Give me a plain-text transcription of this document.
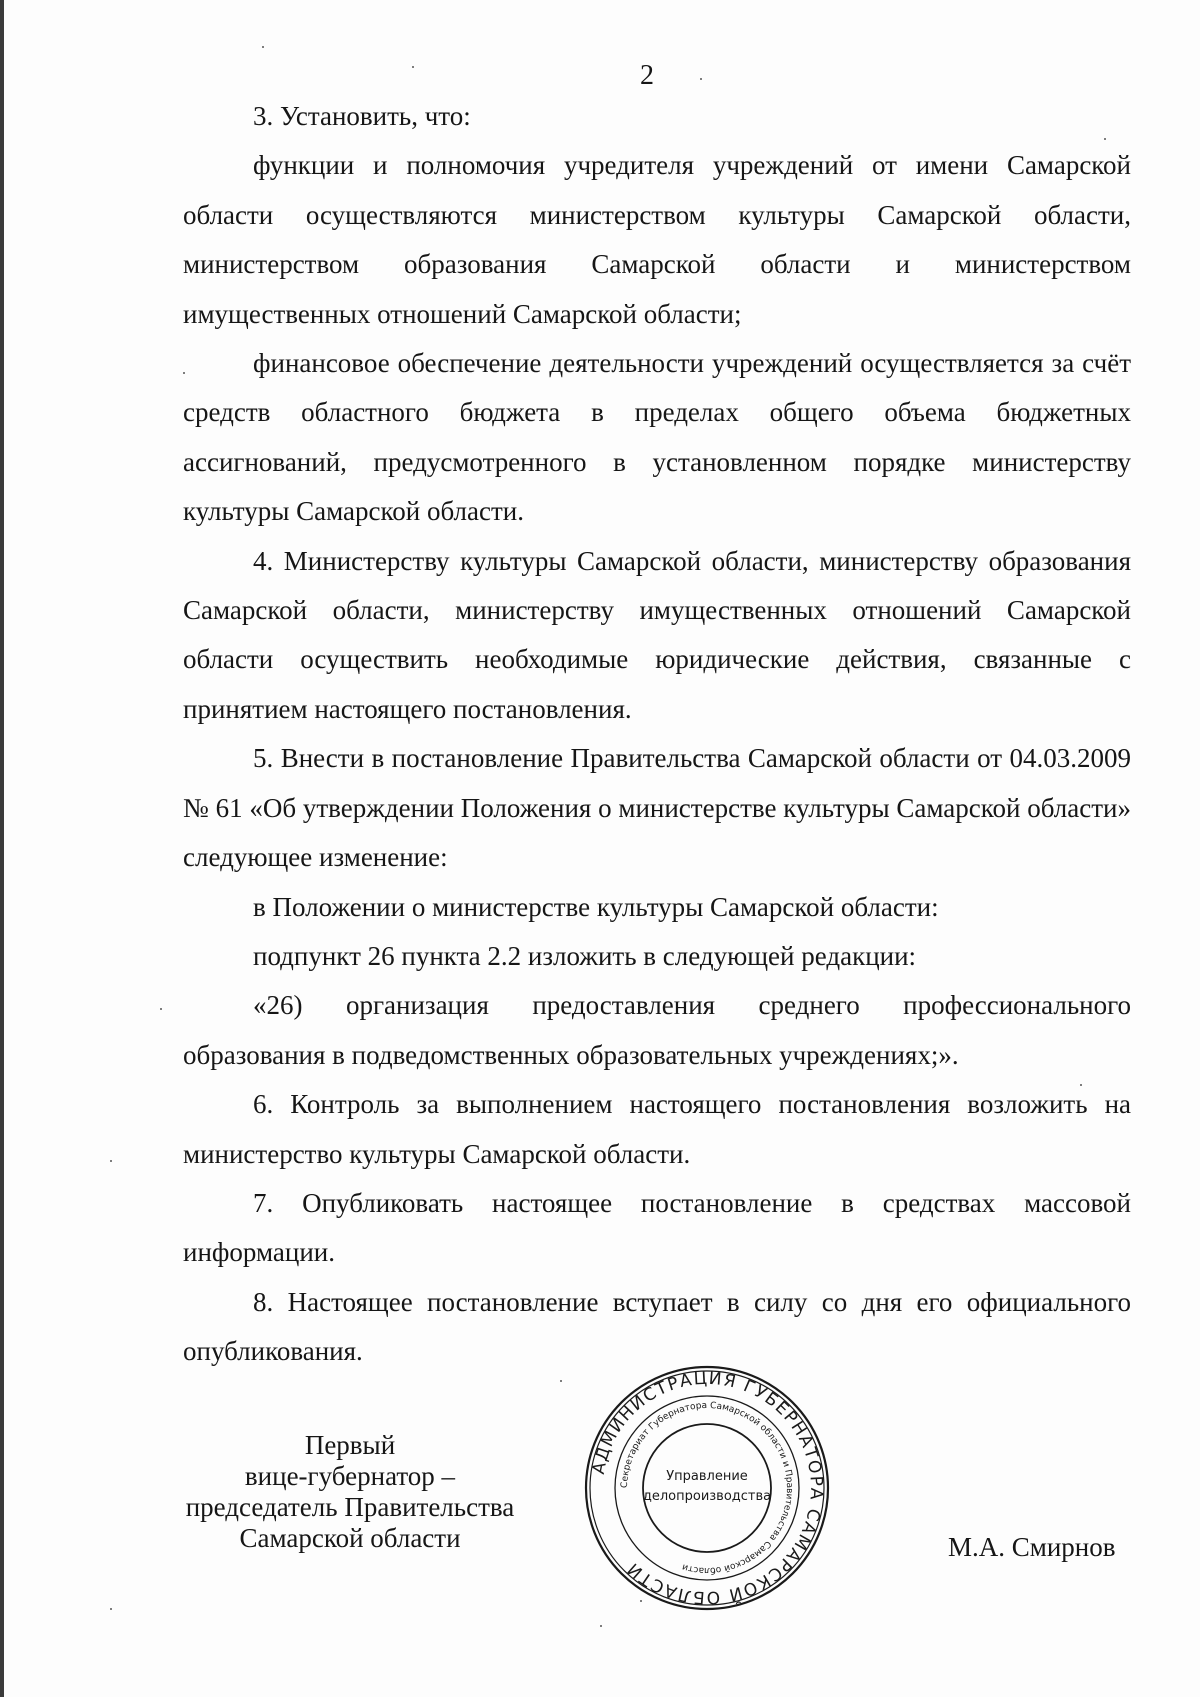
2

3. Установить, что:

функции и полномочия учредителя учреждений от имени Самарской области осуществляются министерством культуры Самарской области, министерством образования Самарской области и министерством имущественных отношений Самарской области;

финансовое обеспечение деятельности учреждений осуществляется за счёт средств областного бюджета в пределах общего объема бюджетных ассигнований, предусмотренного в установленном порядке министерству культуры Самарской области.

4. Министерству культуры Самарской области, министерству образования Самарской области, министерству имущественных отношений Самарской области осуществить необходимые юридические действия, связанные с принятием настоящего постановления.

5. Внести в постановление Правительства Самарской области от 04.03.2009 № 61 «Об утверждении Положения о министерстве культуры Самарской области» следующее изменение:

в Положении о министерстве культуры Самарской области:

подпункт 26 пункта 2.2 изложить в следующей редакции:

«26) организация предоставления среднего профессионального образования в подведомственных образовательных учреждениях;».

6. Контроль за выполнением настоящего постановления возложить на министерство культуры Самарской области.

7. Опубликовать настоящее постановление в средствах массовой информации.

8. Настоящее постановление вступает в силу со дня его официального опубликования.

Первый
вице-губернатор –
председатель Правительства
Самарской области
АДМИНИСТРАЦИЯ ГУБЕРНАТОРА САМАРСКОЙ ОБЛАСТИ
Секретариат Губернатора Самарской области и Правительства Самарской области
Управление
делопроизводства
М.А. Смирнов
